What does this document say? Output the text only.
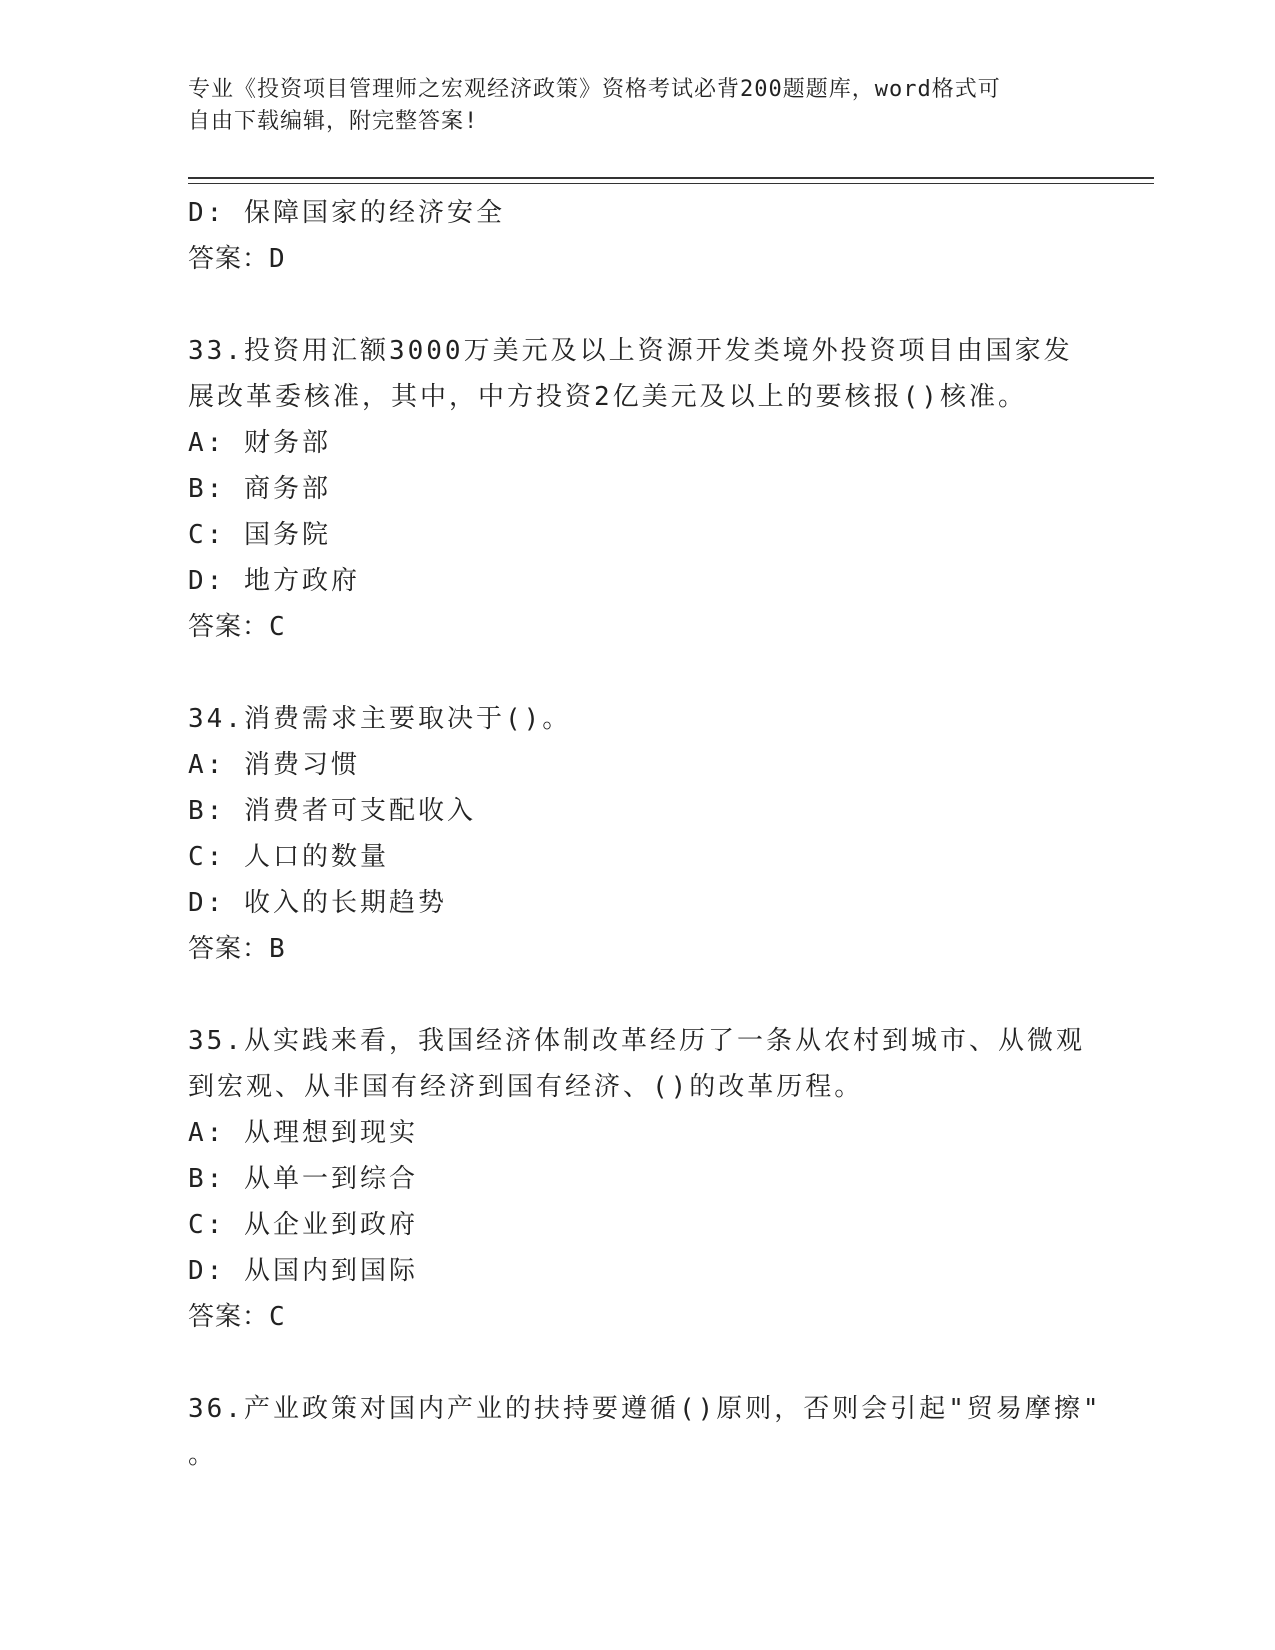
专业《投资项目管理师之宏观经济政策》资格考试必背200题题库，word格式可
自由下载编辑，附完整答案!
D: 保障国家的经济安全
答案：D
33.投资用汇额3000万美元及以上资源开发类境外投资项目由国家发
展改革委核准，其中，中方投资2亿美元及以上的要核报()核准。
A: 财务部
B: 商务部
C: 国务院
D: 地方政府
答案：C
34.消费需求主要取决于()。
A: 消费习惯
B: 消费者可支配收入
C: 人口的数量
D: 收入的长期趋势
答案：B
35.从实践来看，我国经济体制改革经历了一条从农村到城市、从微观
到宏观、从非国有经济到国有经济、()的改革历程。
A: 从理想到现实
B: 从单一到综合
C: 从企业到政府
D: 从国内到国际
答案：C
36.产业政策对国内产业的扶持要遵循()原则，否则会引起"贸易摩擦"
。
